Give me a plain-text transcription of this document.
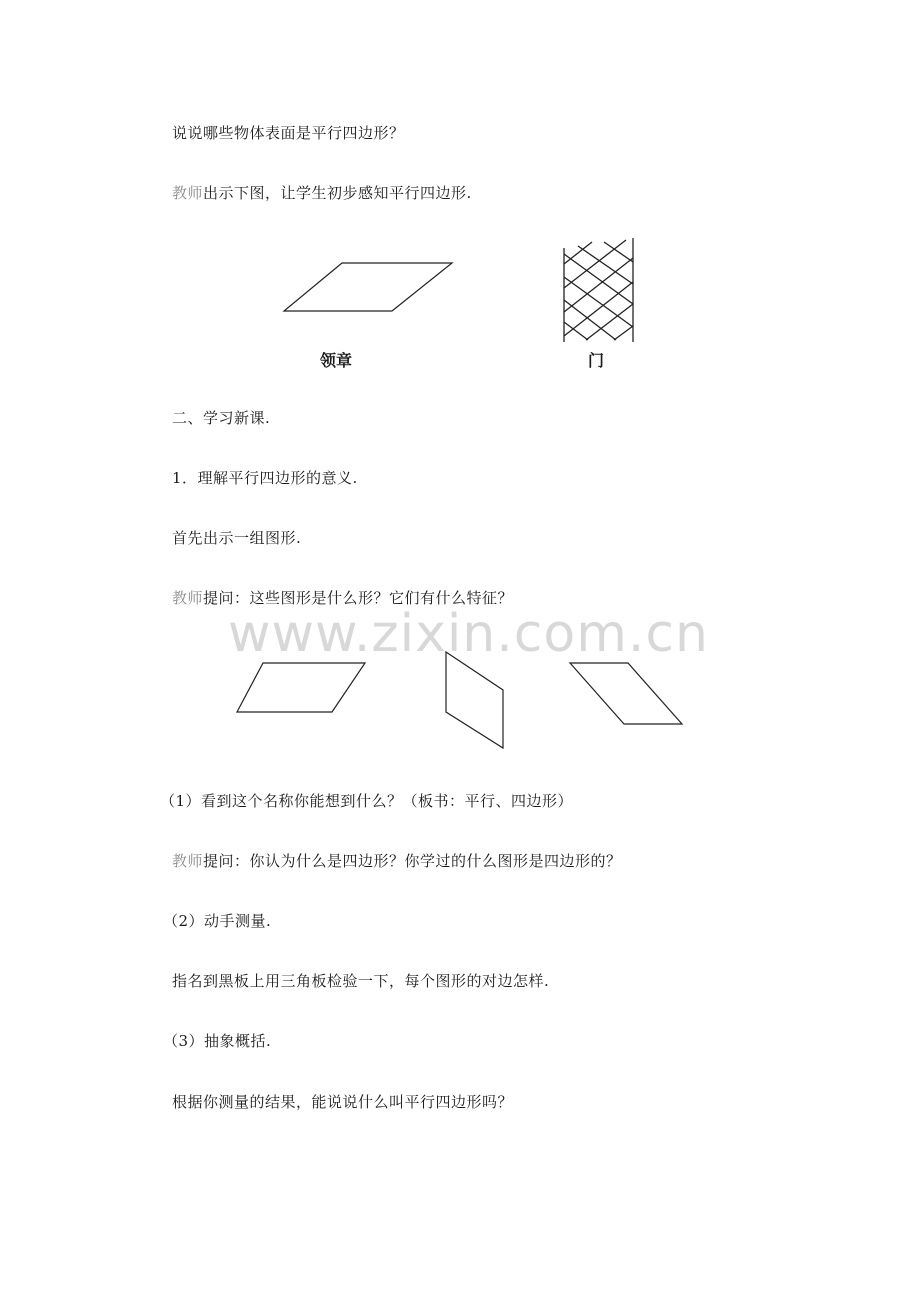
说说哪些物体表面是平行四边形？
教师出示下图，让学生初步感知平行四边形.
领章	门
二、学习新课.
1．理解平行四边形的意义.
首先出示一组图形.
教师提问：这些图形是什么形？它们有什么特征？
www.zixin.com.cn
（1）看到这个名称你能想到什么？（板书：平行、四边形）
教师提问：你认为什么是四边形？你学过的什么图形是四边形的？
（2）动手测量.
指名到黑板上用三角板检验一下，每个图形的对边怎样.
（3）抽象概括.
根据你测量的结果，能说说什么叫平行四边形吗？
